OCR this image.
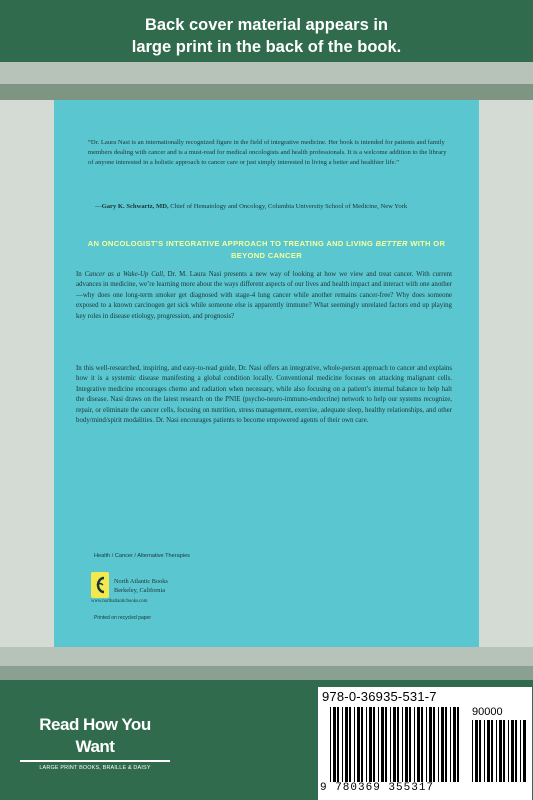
Back cover material appears in
large print in the back of the book.

“Dr. Laura Nasi is an internationally recognized figure in the field of integrative medicine. Her book is intended for patients and family members dealing with cancer and is a must-read for medical oncologists and health professionals. It is a welcome addition to the library of anyone interested in a holistic approach to cancer care or just simply interested in living a better and healthier life.”

—Gary K. Schwartz, MD, Chief of Hematology and Oncology, Columbia University School of Medicine, New York

AN ONCOLOGIST’S INTEGRATIVE APPROACH TO TREATING AND LIVING BETTER WITH OR BEYOND CANCER

In Cancer as a Wake-Up Call, Dr. M. Laura Nasi presents a new way of looking at how we view and treat cancer. With current advances in medicine, we’re learning more about the ways different aspects of our lives and health impact and interact with one another—why does one long-term smoker get diagnosed with stage-4 lung cancer while another remains cancer-free? Why does someone exposed to a known carcinogen get sick while someone else is apparently immune? What seemingly unrelated factors end up playing key roles in disease etiology, progression, and prognosis?

In this well-researched, inspiring, and easy-to-read guide, Dr. Nasi offers an integrative, whole-person approach to cancer and explains how it is a systemic disease manifesting a global condition locally. Conventional medicine focuses on attacking malignant cells. Integrative medicine encourages chemo and radiation when necessary, while also focusing on a patient’s internal balance to help halt the disease. Nasi draws on the latest research on the PNIE (psycho-neuro-immuno-endocrine) network to help our systems recognize, repair, or eliminate the cancer cells, focusing on nutrition, stress management, exercise, adequate sleep, healthy relationships, and other body/mind/spirit modalities. Dr. Nasi encourages patients to become empowered agents of their own care.

Health / Cancer / Alternative Therapies
North Atlantic Books
Berkeley, California
www.northatlanticbooks.com
Printed on recycled paper
Read How You Want
LARGE PRINT BOOKS, BRAILLE & DAISY
978-0-36935-531-7
90000
9 780369 355317
